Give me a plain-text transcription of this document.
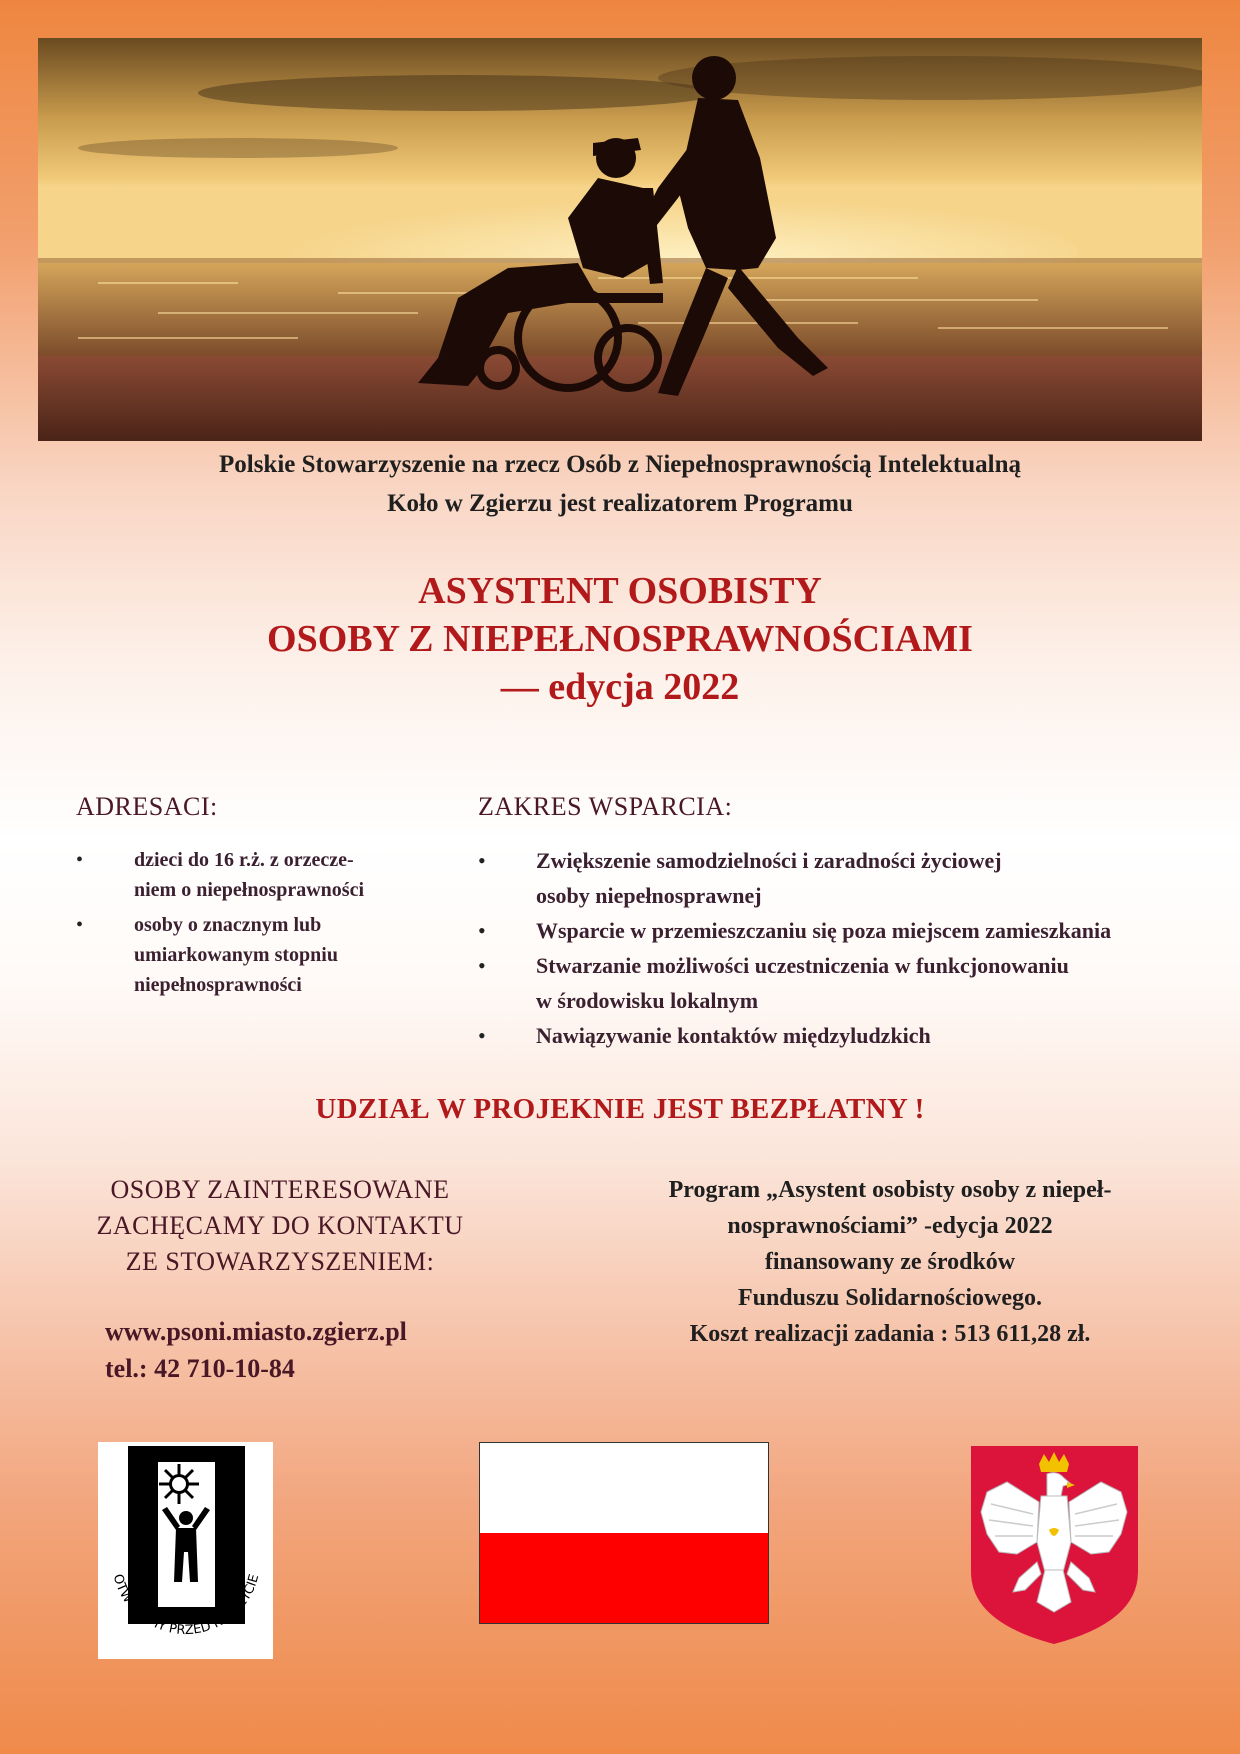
Polskie Stowarzyszenie na rzecz Osób z Niepełnosprawnością Intelektualną
Koło w Zgierzu jest realizatorem Programu
ASYSTENT OSOBISTY
OSOBY Z NIEPEŁNOSPRAWNOŚCIAMI
— edycja 2022
ADRESACI:
• dzieci do 16 r.ż. z orzecze-
niem o niepełnosprawności
• osoby o znacznym lub
umiarkowanym stopniu
niepełnosprawności
ZAKRES WSPARCIA:
• Zwiększenie samodzielności i zaradności życiowej
osoby niepełnosprawnej
• Wsparcie w przemieszczaniu się poza miejscem zamieszkania
• Stwarzanie możliwości uczestniczenia w funkcjonowaniu
w środowisku lokalnym
• Nawiązywanie kontaktów międzyludzkich
UDZIAŁ W PROJEKNIE JEST BEZPŁATNY !
OSOBY ZAINTERESOWANE
ZACHĘCAMY DO KONTAKTU
ZE STOWARZYSZENIEM:
www.psoni.miasto.zgierz.pl
tel.: 42 710-10-84
Program „Asystent osobisty osoby z niepeł-
nosprawnościami” -edycja 2022
finansowany ze środków
Funduszu Solidarnościowego.
Koszt realizacji zadania : 513 611,28 zł.
OTWÓRZMY PRZED NIMI ŻYCIE
